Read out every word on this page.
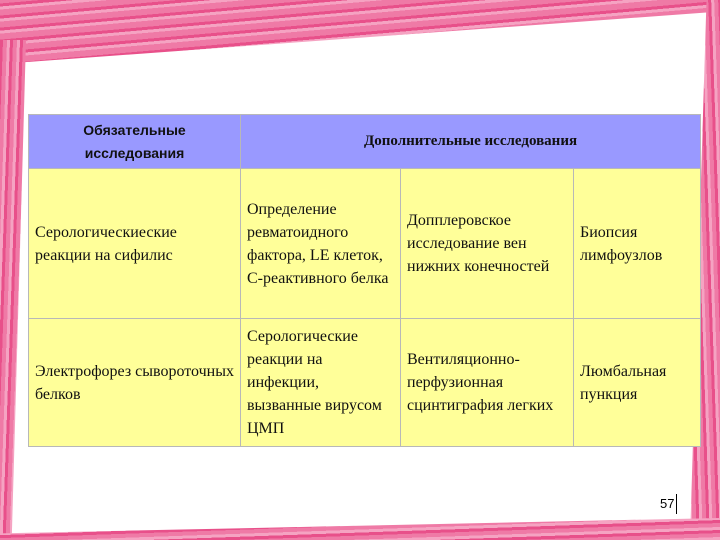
Обязательные исследования	Дополнительные исследования		
Серологическиеские реакции на сифилис	Определение ревматоидного фактора, LE клеток, С-реактивного белка	Допплеровское исследование вен нижних конечностей	Биопсия лимфоузлов
Электрофорез сывороточных белков	Серологические реакции на инфекции, вызванные вирусом ЦМП	Вентиляционно-перфузионная сцинтиграфия легких	Люмбальная пункция
57
